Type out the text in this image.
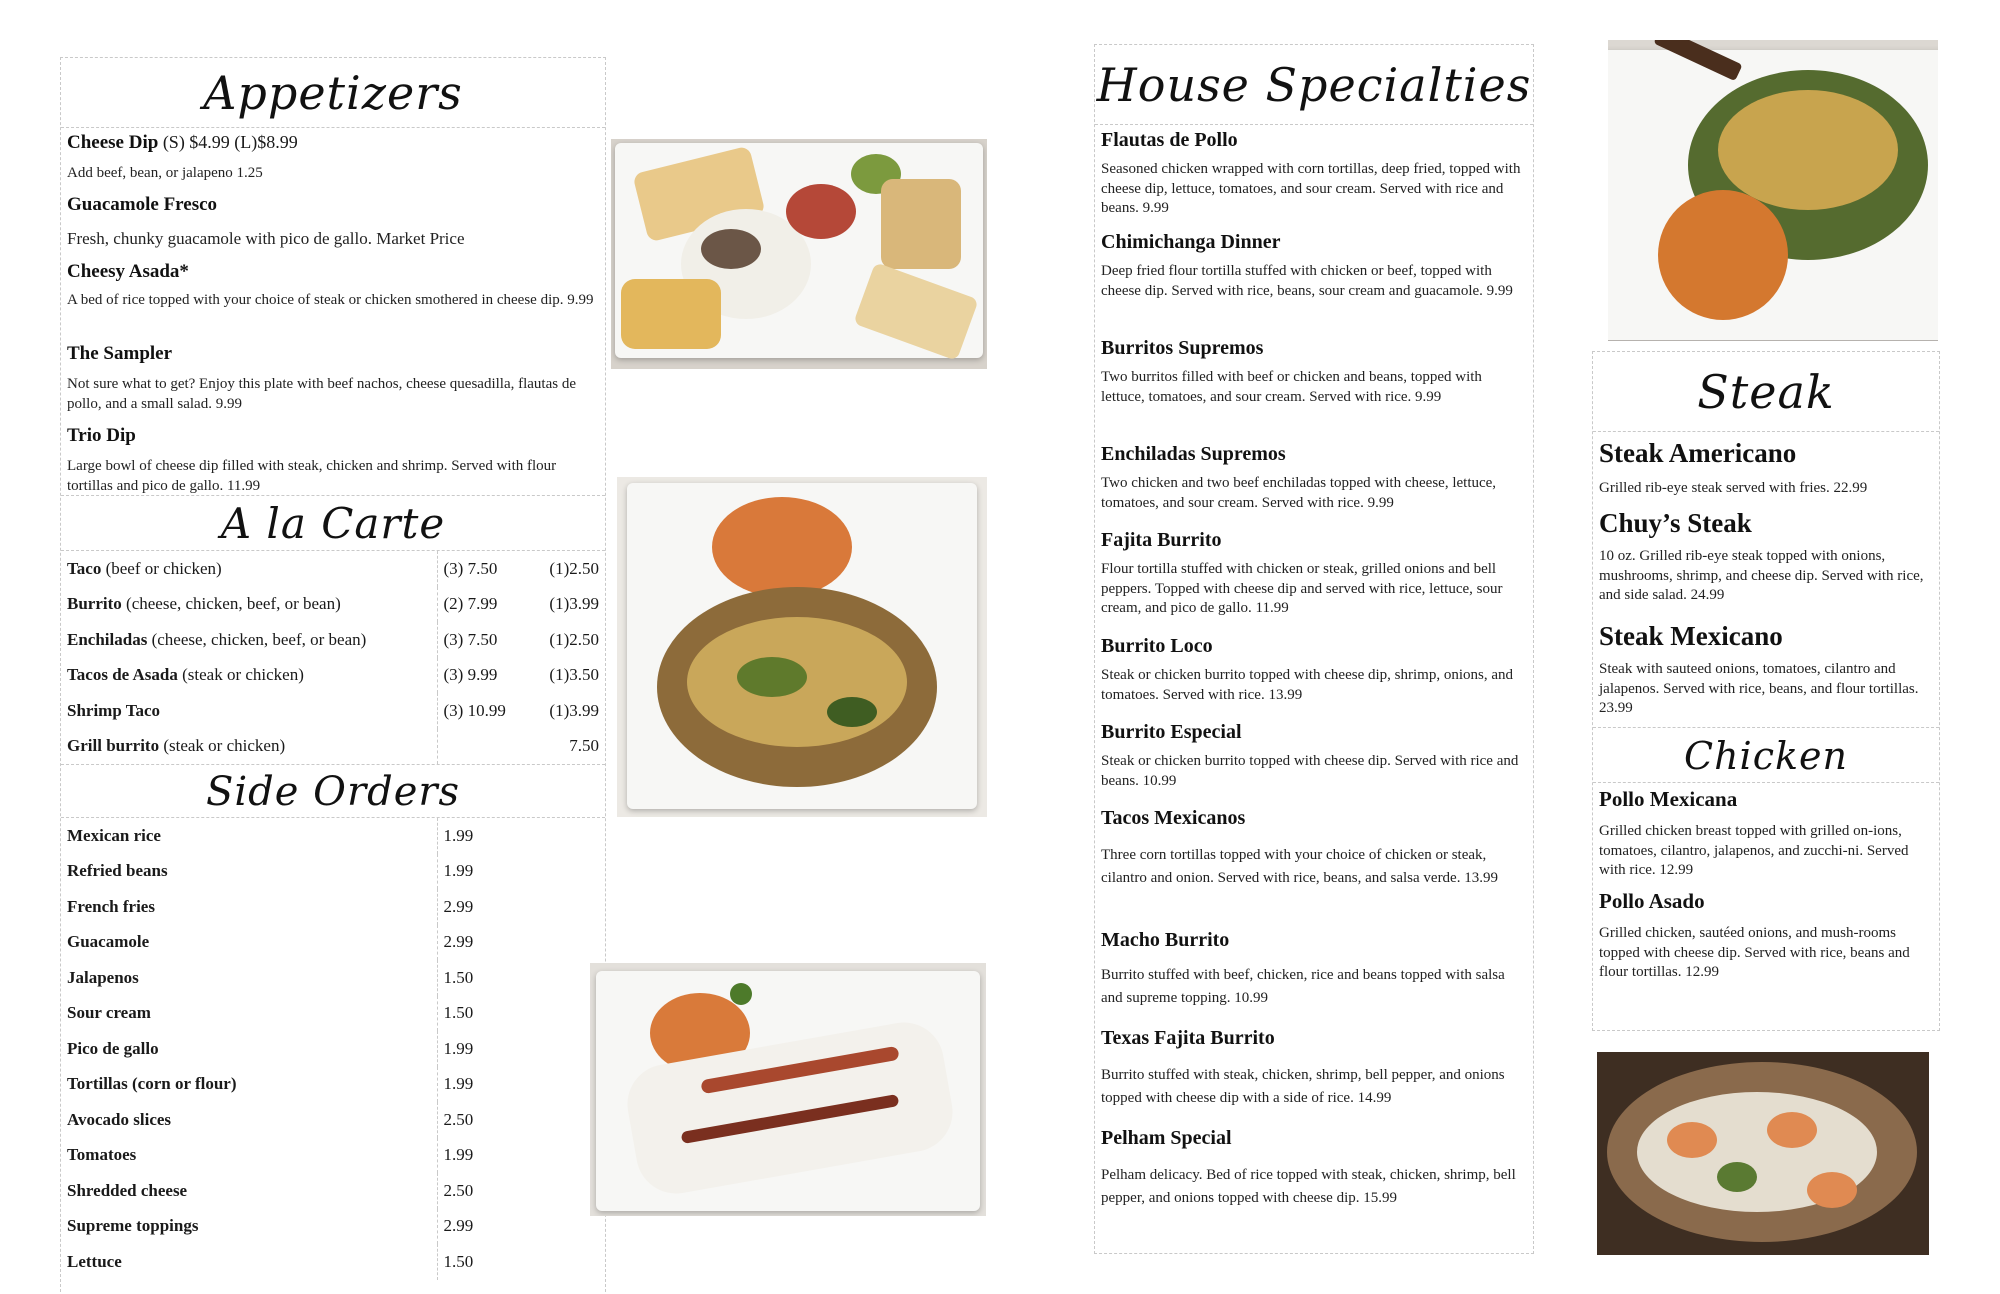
Appetizers
Cheese Dip (S) $4.99 (L)$8.99
Add beef, bean, or jalapeno 1.25
Guacamole Fresco
Fresh, chunky guacamole with pico de gallo. Market Price
Cheesy Asada*
A bed of rice topped with your choice of steak or chicken smothered in cheese dip. 9.99
The Sampler
Not sure what to get? Enjoy this plate with beef nachos, cheese quesadilla, flautas de pollo, and a small salad. 9.99
Trio Dip
Large bowl of cheese dip filled with steak, chicken and shrimp. Served with flour tortillas and pico de gallo. 11.99
A la Carte
Taco (beef or chicken)	(3) 7.50	(1)2.50
Burrito (cheese, chicken, beef, or bean)	(2) 7.99	(1)3.99
Enchiladas (cheese, chicken, beef, or bean)	(3) 7.50	(1)2.50
Tacos de Asada (steak or chicken)	(3) 9.99	(1)3.50
Shrimp Taco	(3) 10.99	(1)3.99
Grill burrito (steak or chicken)		7.50
Side Orders
Mexican rice	1.99
Refried beans	1.99
French fries	2.99
Guacamole	2.99
Jalapenos	1.50
Sour cream	1.50
Pico de gallo	1.99
Tortillas (corn or flour)	1.99
Avocado slices	2.50
Tomatoes	1.99
Shredded cheese	2.50
Supreme toppings	2.99
Lettuce	1.50
House Specialties
Flautas de Pollo
Seasoned chicken wrapped with corn tortillas, deep fried, topped with cheese dip, lettuce, tomatoes, and sour cream. Served with rice and beans. 9.99
Chimichanga Dinner
Deep fried flour tortilla stuffed with chicken or beef, topped with cheese dip. Served with rice, beans, sour cream and guacamole. 9.99
Burritos Supremos
Two burritos filled with beef or chicken and beans, topped with lettuce, tomatoes, and sour cream. Served with rice. 9.99
Enchiladas Supremos
Two chicken and two beef enchiladas topped with cheese, lettuce, tomatoes, and sour cream. Served with rice. 9.99
Fajita Burrito
Flour tortilla stuffed with chicken or steak, grilled onions and bell peppers. Topped with cheese dip and served with rice, lettuce, sour cream, and pico de gallo. 11.99
Burrito Loco
Steak or chicken burrito topped with cheese dip, shrimp, onions, and tomatoes. Served with rice. 13.99
Burrito Especial
Steak or chicken burrito topped with cheese dip. Served with rice and beans. 10.99
Tacos Mexicanos
Three corn tortillas topped with your choice of chicken or steak, cilantro and onion. Served with rice, beans, and salsa verde. 13.99
Macho Burrito
Burrito stuffed with beef, chicken, rice and beans topped with salsa and supreme topping. 10.99
Texas Fajita Burrito
Burrito stuffed with steak, chicken, shrimp, bell pepper, and onions topped with cheese dip with a side of rice. 14.99
Pelham Special
Pelham delicacy. Bed of rice topped with steak, chicken, shrimp, bell pepper, and onions topped with cheese dip. 15.99
Steak
Steak Americano
Grilled rib-eye steak served with fries. 22.99
Chuy’s Steak
10 oz. Grilled rib-eye steak topped with onions, mushrooms, shrimp, and cheese dip. Served with rice, and side salad. 24.99
Steak Mexicano
Steak with sauteed onions, tomatoes, cilantro and jalapenos. Served with rice, beans, and flour tortillas. 23.99
Chicken
Pollo Mexicana
Grilled chicken breast topped with grilled on-ions, tomatoes, cilantro, jalapenos, and zucchi-ni. Served with rice. 12.99
Pollo Asado
Grilled chicken, sautéed onions, and mush-rooms topped with cheese dip. Served with rice, beans and flour tortillas. 12.99
